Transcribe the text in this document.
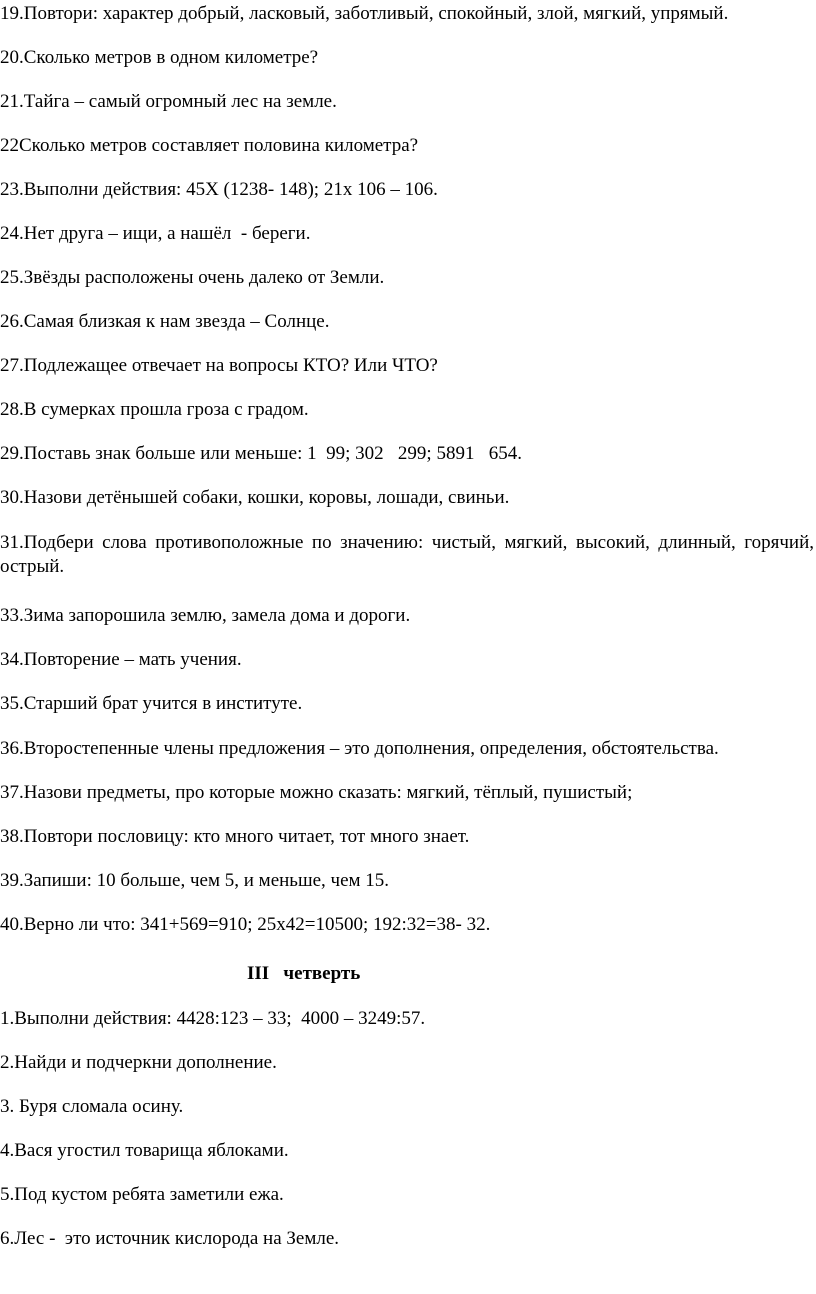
19.Повтори: характер добрый, ласковый, заботливый, спокойный, злой, мягкий, упрямый.
20.Сколько метров в одном километре?
21.Тайга – самый огромный лес на земле.
22Сколько метров составляет половина километра?
23.Выполни действия: 45Х (1238- 148); 21х 106 – 106.
24.Нет друга – ищи, а нашёл  - береги.
25.Звёзды расположены очень далеко от Земли.
26.Самая близкая к нам звезда – Солнце.
27.Подлежащее отвечает на вопросы КТО? Или ЧТО?
28.В сумерках прошла гроза с градом.
29.Поставь знак больше или меньше: 1  99; 302   299; 5891   654.
30.Назови детёнышей собаки, кошки, коровы, лошади, свиньи.
31.Подбери слова противоположные по значению: чистый, мягкий, высокий, длинный, горячий, острый.
33.Зима запорошила землю, замела дома и дороги.
34.Повторение – мать учения.
35.Старший брат учится в институте.
36.Второстепенные члены предложения – это дополнения, определения, обстоятельства.
37.Назови предметы, про которые можно сказать: мягкий, тёплый, пушистый;
38.Повтори пословицу: кто много читает, тот много знает.
39.Запиши: 10 больше, чем 5, и меньше, чем 15.
40.Верно ли что: 341+569=910; 25х42=10500; 192:32=38- 32.
III   четверть
1.Выполни действия: 4428:123 – 33;  4000 – 3249:57.
2.Найди и подчеркни дополнение.
3. Буря сломала осину.
4.Вася угостил товарища яблоками.
5.Под кустом ребята заметили ежа.
6.Лес -  это источник кислорода на Земле.
